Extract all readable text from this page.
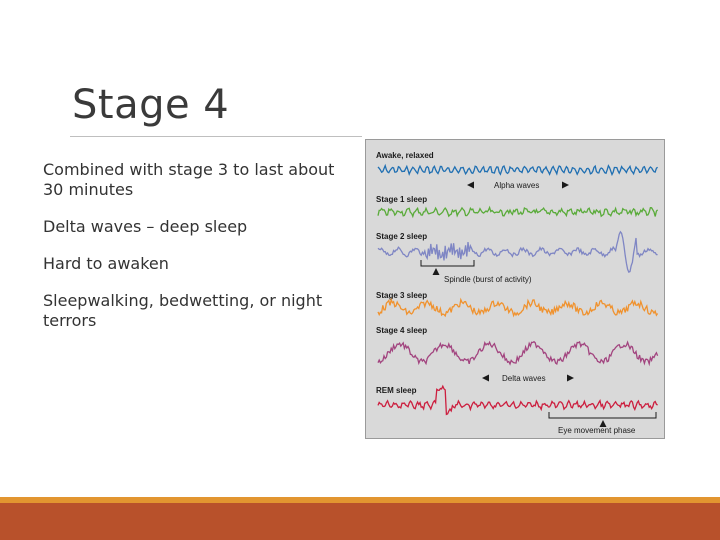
Stage 4
Combined with stage 3 to last about 30 minutes
Delta waves – deep sleep
Hard to awaken
Sleepwalking, bedwetting, or night terrors
Awake, relaxed
Stage 1 sleep
Stage 2 sleep
Stage 3 sleep
Stage 4 sleep
REM sleep
Alpha waves
Spindle (burst of activity)
Delta waves
Eye movement phase
